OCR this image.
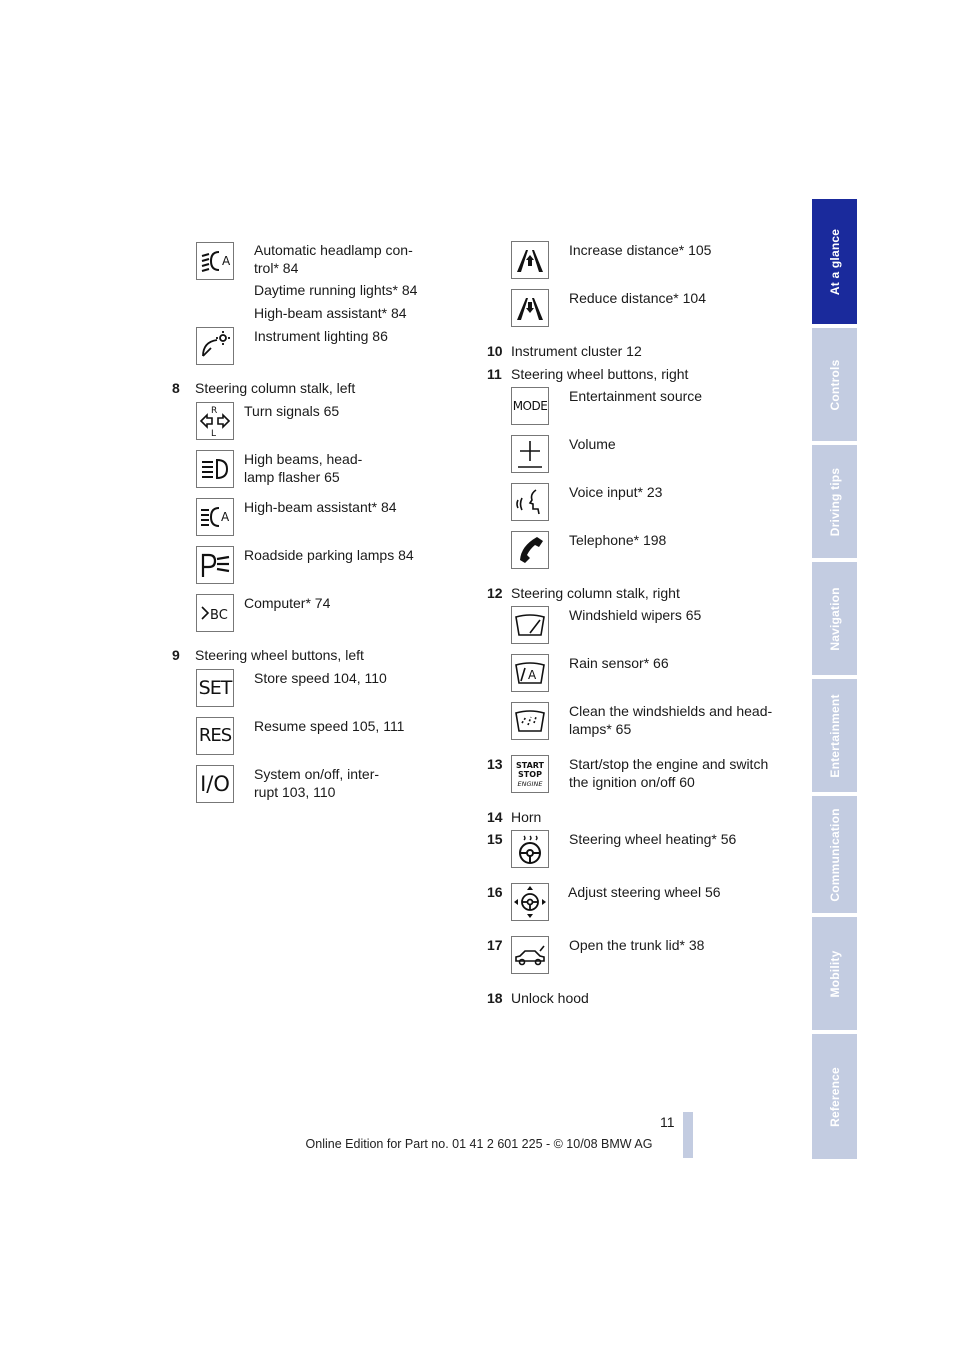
At a glance
Controls
Driving tips
Navigation
Entertainment
Communication
Mobility
Reference
A
Automatic headlamp con-
trol* 84
Daytime running lights* 84
High-beam assistant* 84
Instrument lighting 86
8 Steering column stalk, left
R
L
Turn signals 65
High beams, head-
lamp flasher 65
A
High-beam assistant* 84
Roadside parking lamps 84
BC
Computer* 74
9 Steering wheel buttons, left
SET Store speed 104, 110
RES Resume speed 105, 111
I/O System on/off, inter-
rupt 103, 110
Increase distance* 105
Reduce distance* 104
10 Instrument cluster 12
11 Steering wheel buttons, right
MODE
Entertainment source
Volume
Voice input* 23
Telephone* 198
12 Steering column stalk, right
Windshield wipers 65
A
Rain sensor* 66
Clean the windshields and head-
lamps* 65
13 START
STOP
ENGINE
Start/stop the engine and switch
the ignition on/off 60
14 Horn
15	Steering wheel heating* 56
16	Adjust steering wheel 56
17	Open the trunk lid* 38
18 Unlock hood
11
Online Edition for Part no. 01 41 2 601 225 - © 10/08 BMW AG
